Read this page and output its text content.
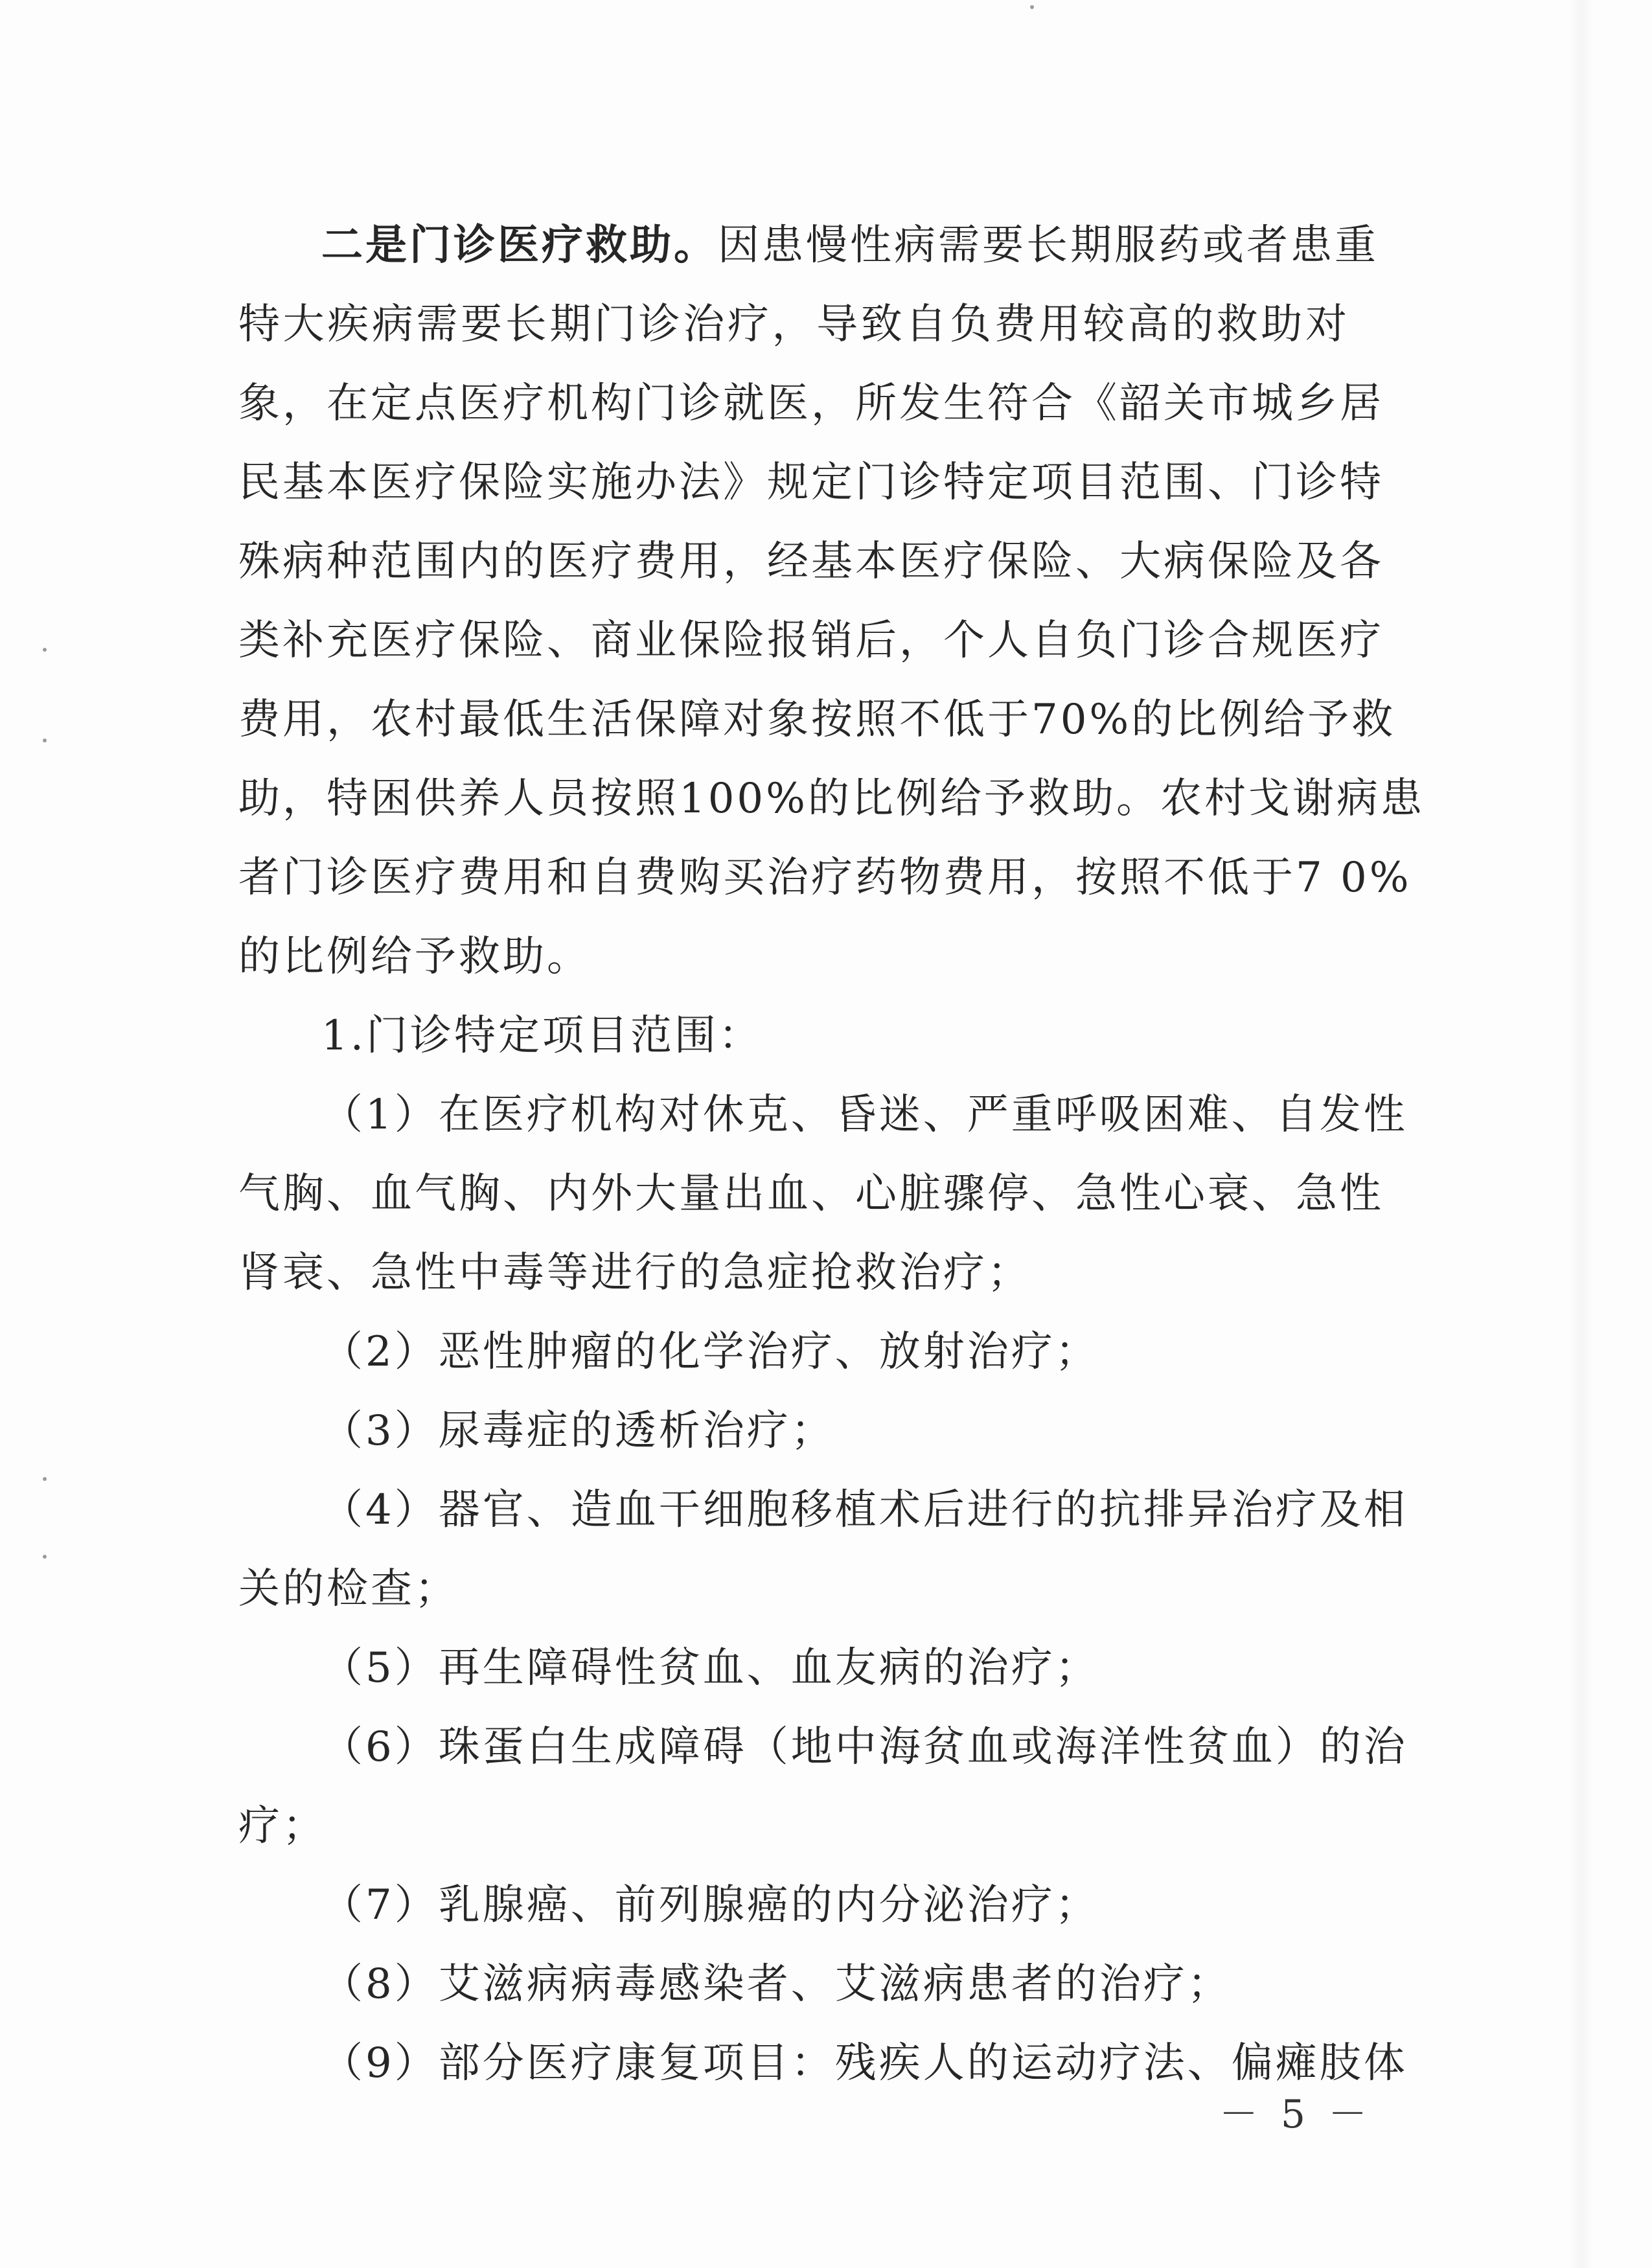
二是门诊医疗救助。因患慢性病需要长期服药或者患重
特大疾病需要长期门诊治疗，导致自负费用较高的救助对
象，在定点医疗机构门诊就医，所发生符合《韶关市城乡居
民基本医疗保险实施办法》规定门诊特定项目范围、门诊特
殊病种范围内的医疗费用，经基本医疗保险、大病保险及各
类补充医疗保险、商业保险报销后，个人自负门诊合规医疗
费用，农村最低生活保障对象按照不低于70%的比例给予救
助，特困供养人员按照100%的比例给予救助。农村戈谢病患
者门诊医疗费用和自费购买治疗药物费用，按照不低于7 0%
的比例给予救助。
1.门诊特定项目范围：
（1）在医疗机构对休克、昏迷、严重呼吸困难、自发性
气胸、血气胸、内外大量出血、心脏骤停、急性心衰、急性
肾衰、急性中毒等进行的急症抢救治疗；
（2）恶性肿瘤的化学治疗、放射治疗；
（3）尿毒症的透析治疗；
（4）器官、造血干细胞移植术后进行的抗排异治疗及相
关的检查；
（5）再生障碍性贫血、血友病的治疗；
（6）珠蛋白生成障碍（地中海贫血或海洋性贫血）的治
疗；
（7）乳腺癌、前列腺癌的内分泌治疗；
（8）艾滋病病毒感染者、艾滋病患者的治疗；
（9）部分医疗康复项目：残疾人的运动疗法、偏瘫肢体
－ 5 －
